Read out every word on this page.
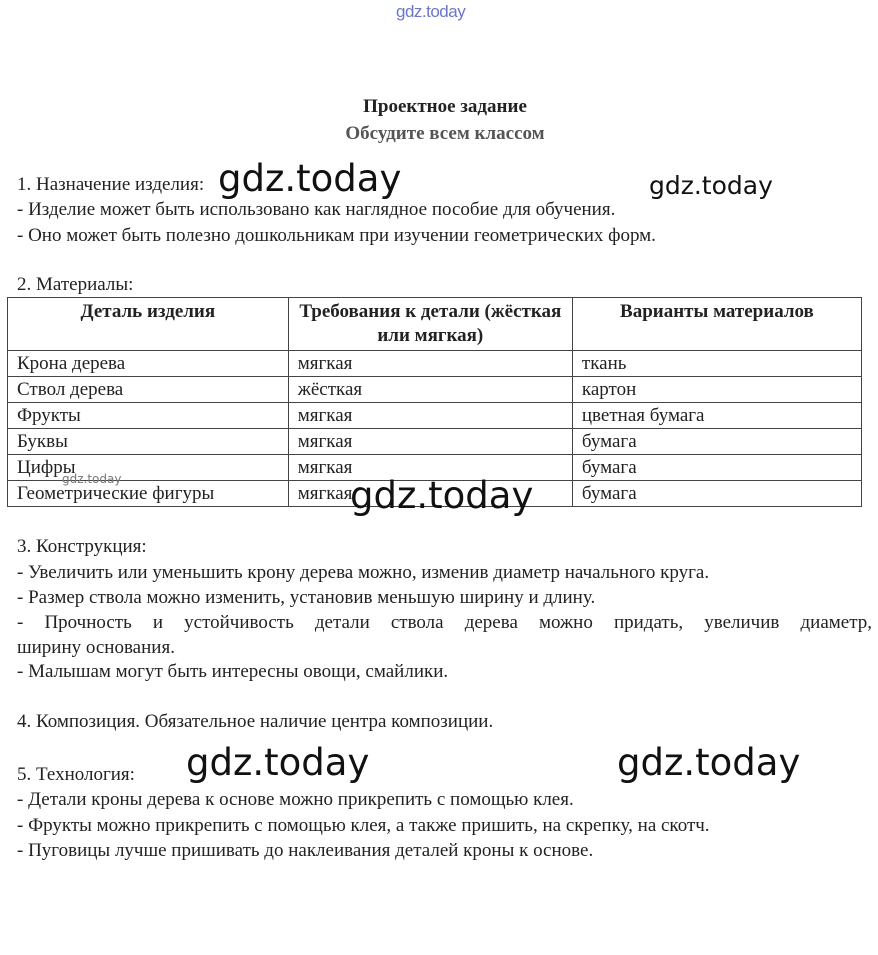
gdz.today
Проектное задание
Обсудите всем классом
1. Назначение изделия:
- Изделие может быть использовано как наглядное пособие для обучения.
- Оно может быть полезно дошкольникам при изучении геометрических форм.
2. Материалы:
Деталь изделия	Требования к детали (жёсткая или мягкая)	Варианты материалов
Крона дерева	мягкая	ткань
Ствол дерева	жёсткая	картон
Фрукты	мягкая	цветная бумага
Буквы	мягкая	бумага
Цифры	мягкая	бумага
Геометрические фигуры	мягкая	бумага
3. Конструкция:
- Увеличить или уменьшить крону дерева можно, изменив диаметр начального круга.
- Размер ствола можно изменить, установив меньшую ширину и длину.
- Прочность и устойчивость детали ствола дерева можно придать, увеличив диаметр,
ширину основания.
- Малышам могут быть интересны овощи, смайлики.
4. Композиция. Обязательное наличие центра композиции.
5. Технология:
- Детали кроны дерева к основе можно прикрепить с помощью клея.
- Фрукты можно прикрепить с помощью клея, а также пришить, на скрепку, на скотч.
- Пуговицы лучше пришивать до наклеивания деталей кроны к основе.
gdz.today	gdz.today
gdz.today	gdz.today
gdz.today	gdz.today
